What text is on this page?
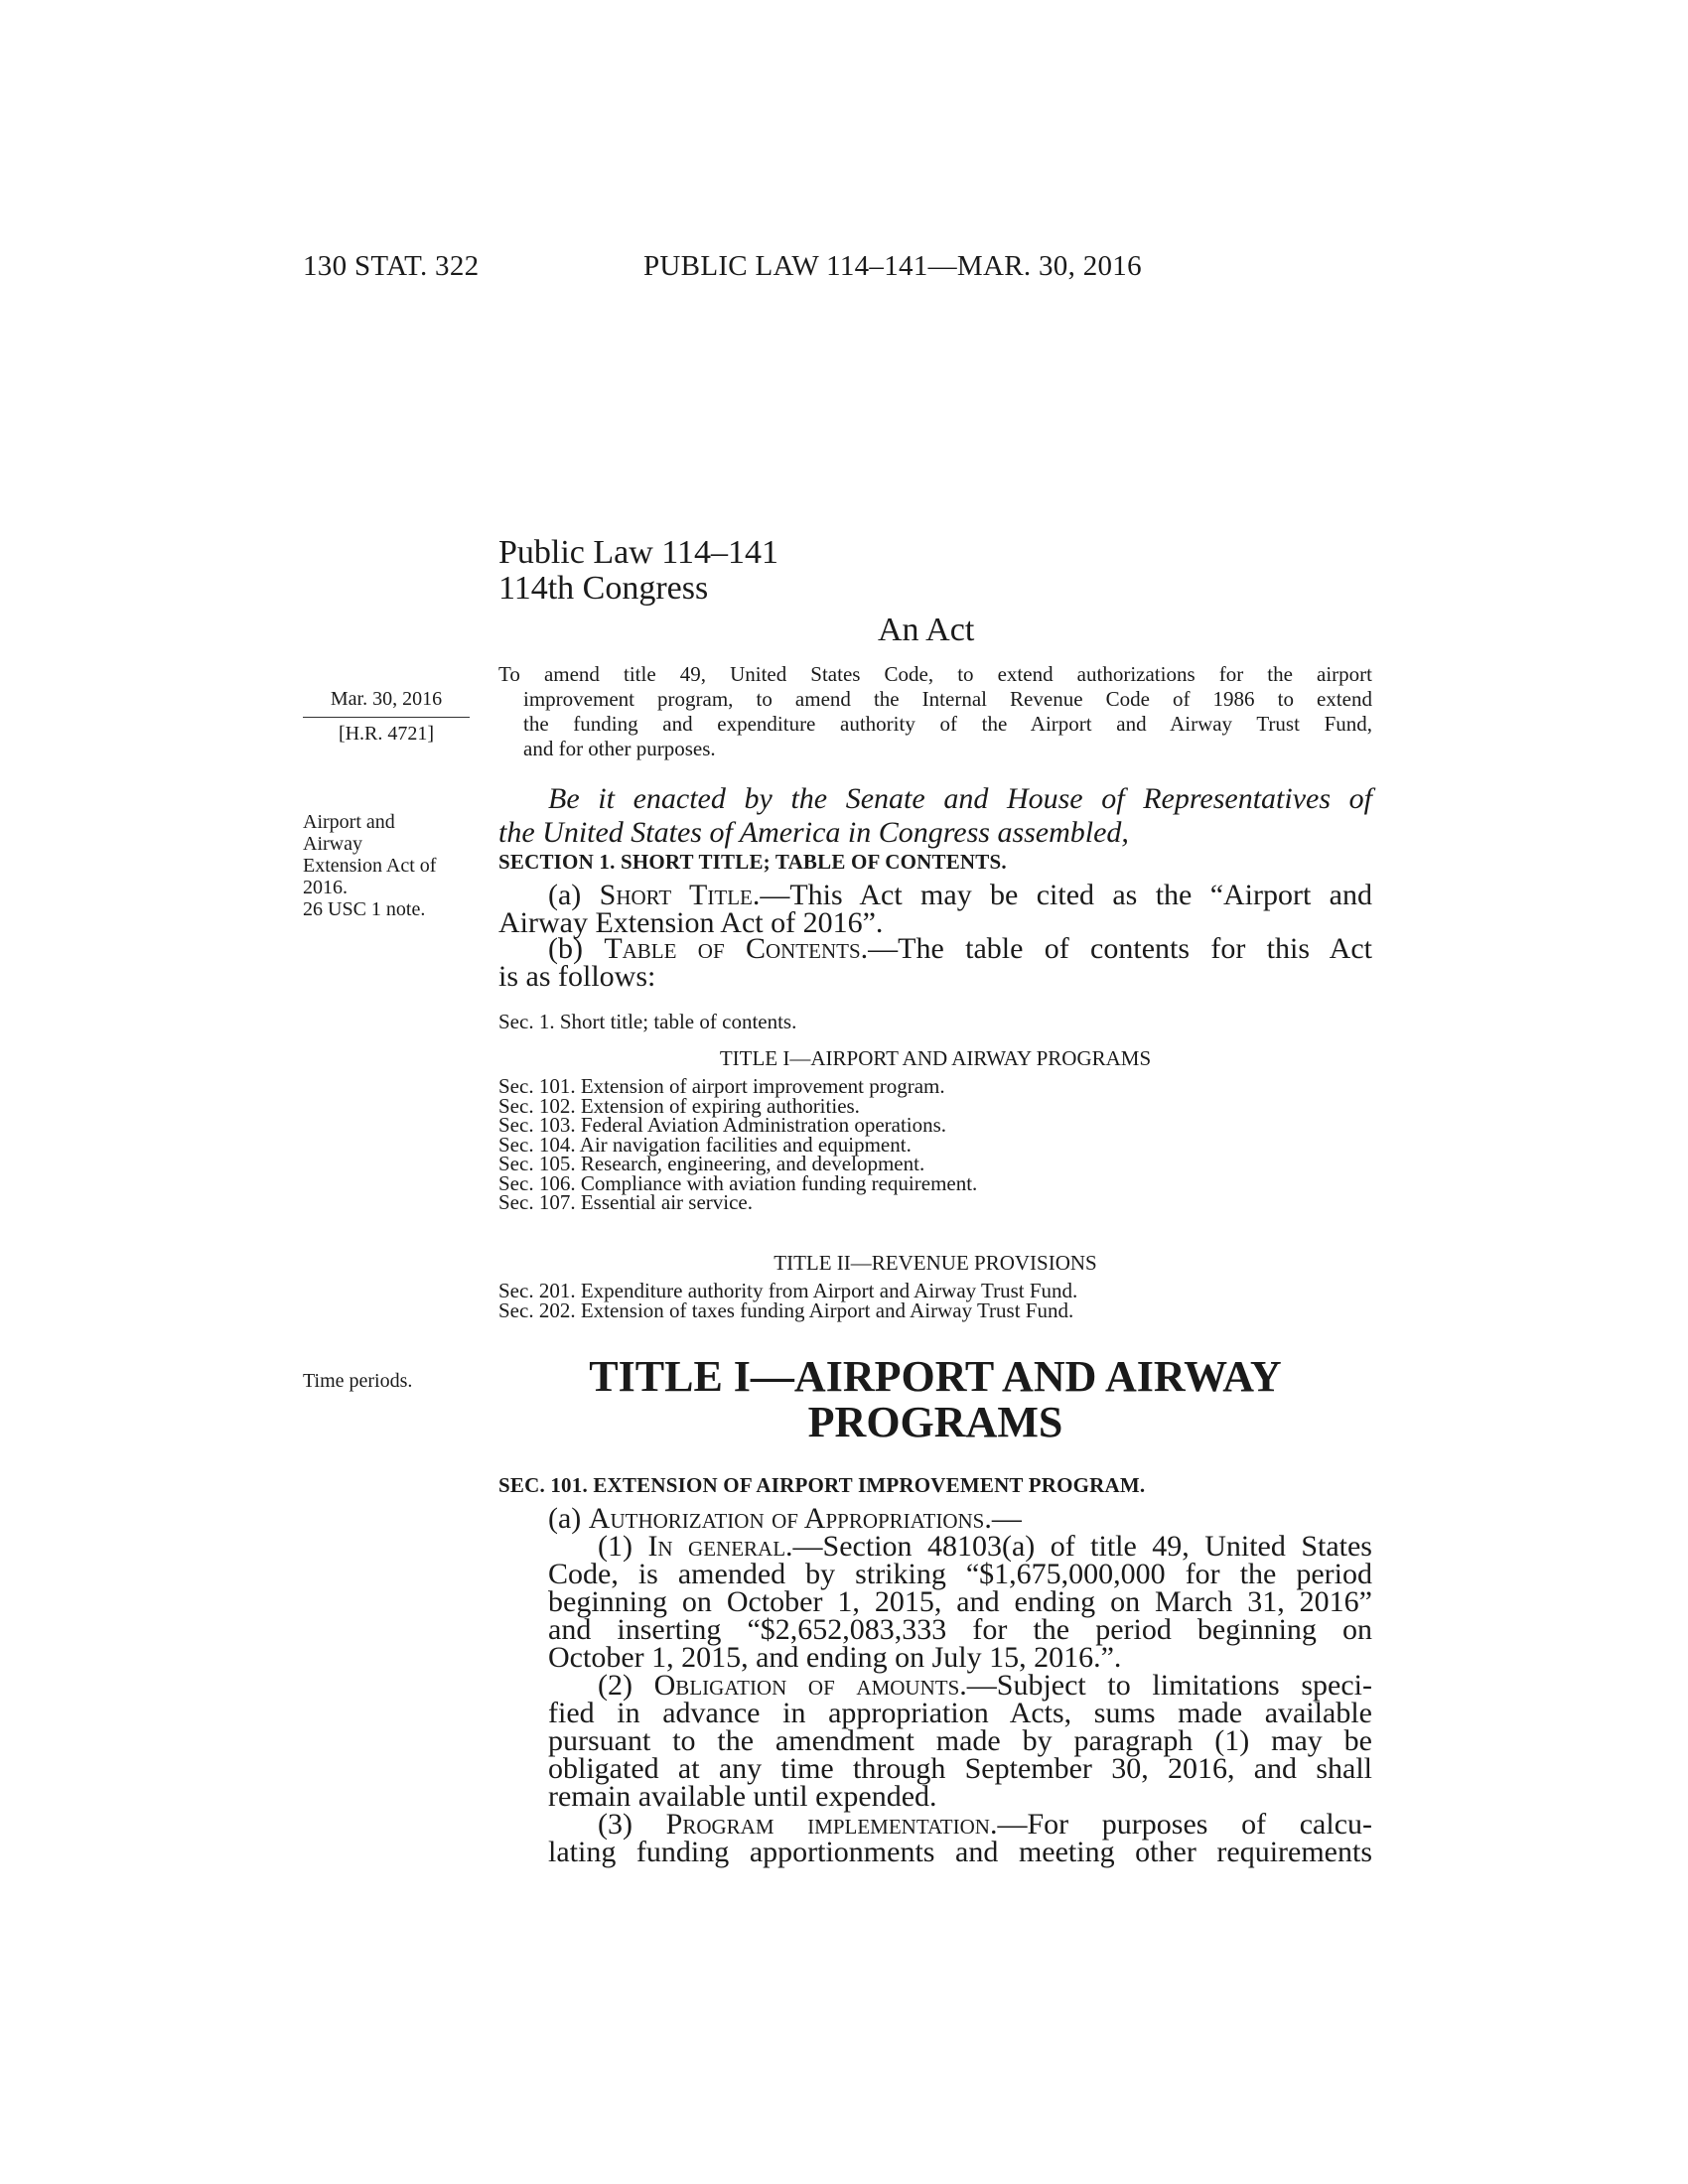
130 STAT. 322	PUBLIC LAW 114–141—MAR. 30, 2016
Public Law 114–141
114th Congress
An Act
To amend title 49, United States Code, to extend authorizations for the airport
improvement program, to amend the Internal Revenue Code of 1986 to extend
the funding and expenditure authority of the Airport and Airway Trust Fund,
and for other purposes.
Mar. 30, 2016
[H.R. 4721]
Airport and
Airway
Extension Act of
2016.
26 USC 1 note.
Time periods.
Be it enacted by the Senate and House of Representatives of
the United States of America in Congress assembled,
SECTION 1. SHORT TITLE; TABLE OF CONTENTS.
(a) Short Title.—This Act may be cited as the “Airport and
Airway Extension Act of 2016”.
(b) Table of Contents.—The table of contents for this Act
is as follows:
Sec. 1. Short title; table of contents.
TITLE I—AIRPORT AND AIRWAY PROGRAMS
Sec. 101. Extension of airport improvement program.
Sec. 102. Extension of expiring authorities.
Sec. 103. Federal Aviation Administration operations.
Sec. 104. Air navigation facilities and equipment.
Sec. 105. Research, engineering, and development.
Sec. 106. Compliance with aviation funding requirement.
Sec. 107. Essential air service.
TITLE II—REVENUE PROVISIONS
Sec. 201. Expenditure authority from Airport and Airway Trust Fund.
Sec. 202. Extension of taxes funding Airport and Airway Trust Fund.
TITLE I—AIRPORT AND AIRWAY
PROGRAMS
SEC. 101. EXTENSION OF AIRPORT IMPROVEMENT PROGRAM.
(a) Authorization of Appropriations.—
(1) In general.—Section 48103(a) of title 49, United States
Code, is amended by striking “$1,675,000,000 for the period
beginning on October 1, 2015, and ending on March 31, 2016”
and inserting “$2,652,083,333 for the period beginning on
October 1, 2015, and ending on July 15, 2016.”.
(2) Obligation of amounts.—Subject to limitations speci-
fied in advance in appropriation Acts, sums made available
pursuant to the amendment made by paragraph (1) may be
obligated at any time through September 30, 2016, and shall
remain available until expended.
(3) Program implementation.—For purposes of calcu-
lating funding apportionments and meeting other requirements
